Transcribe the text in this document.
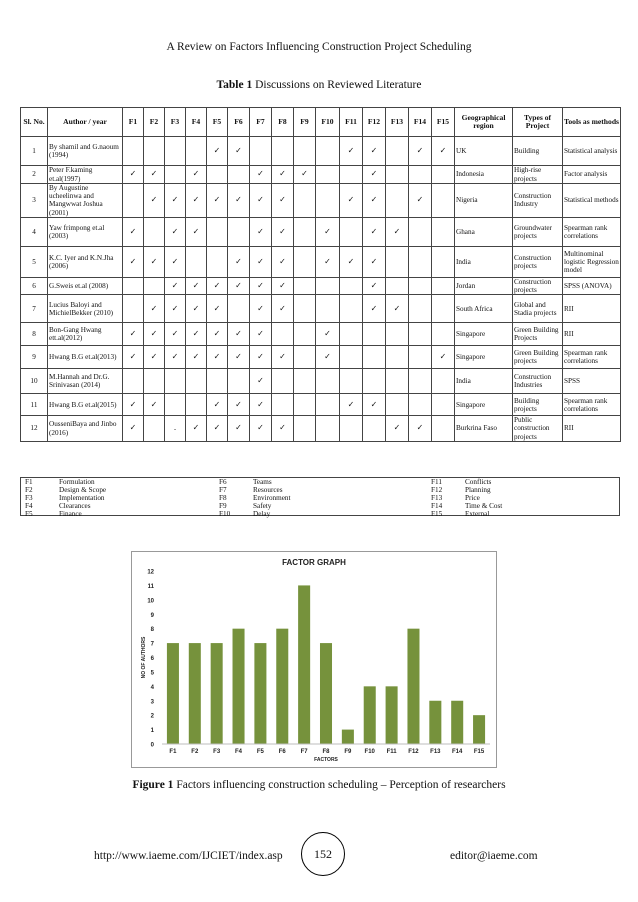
A Review on Factors Influencing Construction Project Scheduling
Table 1 Discussions on Reviewed Literature
Sl. No.	Author / year	F1	F2	F3	F4	F5	F6	F7	F8	F9	F10	F11	F12	F13	F14	F15	Geographical region	Types of Project	Tools as methods
1	By shamil and G.naoum (1994)					✓	✓					✓	✓		✓	✓	UK	Building	Statistical analysis
2	Peter F.kaming et.al(1997)	✓	✓		✓			✓	✓	✓			✓				Indonesia	High-rise projects	Factor analysis
3	By Augustine ucheelinwa and Mangwwat Joshua (2001)		✓	✓	✓	✓	✓	✓	✓			✓	✓		✓		Nigeria	Construction Industry	Statistical methods
4	Yaw frimpong et.al (2003)	✓		✓	✓			✓	✓		✓		✓	✓			Ghana	Groundwater projects	Spearman rank correlations
5	K.C. Iyer and K.N.Jha (2006)	✓	✓	✓			✓	✓	✓		✓	✓	✓				India	Construction projects	Multinominal logistic Regression model
6	G.Sweis et.al (2008)			✓	✓	✓	✓	✓	✓				✓				Jordan	Construction projects	SPSS (ANOVA)
7	Lucius Baloyi and MichielBekker (2010)		✓	✓	✓	✓		✓	✓				✓	✓			South Africa	Global and Stadia projects	RII
8	Bon-Gang Hwang ett.al(2012)	✓	✓	✓	✓	✓	✓	✓			✓						Singapore	Green Building Projects	RII
9	Hwang B.G et.al(2013)	✓	✓	✓	✓	✓	✓	✓	✓		✓					✓	Singapore	Green Building projects	Spearman rank correlations
10	M.Hannah and Dr.G. Srinivasan (2014)							✓									India	Construction Industries	SPSS
11	Hwang B.G et.al(2015)	✓	✓			✓	✓	✓				✓	✓				Singapore	Building projects	Spearman rank correlations
12	OusseniBaya and Jinbo (2016)	✓		.	✓	✓	✓	✓	✓					✓	✓		Burkrina Faso	Public construction projects	RII
F1	Formulation
F2	Design & Scope
F3	Implementation
F4	Clearances
F5	Finance
F6	Teams
F7	Resources
F8	Environment
F9	Safety
F10	Delay
F11	Conflicts
F12	Planning
F13	Price
F14	Time & Cost
F15	External
FACTOR GRAPH
0
1
2
3
4
5
6
7
8
9
10
11
12
NO OF AUTHORS
F1 F2 F3 F4 F5 F6 F7 F8 F9 F10 F11 F12 F13 F14 F15
FACTORS
Figure 1 Factors influencing construction scheduling – Perception of researchers
http://www.iaeme.com/IJCIET/index.asp	152	editor@iaeme.com
